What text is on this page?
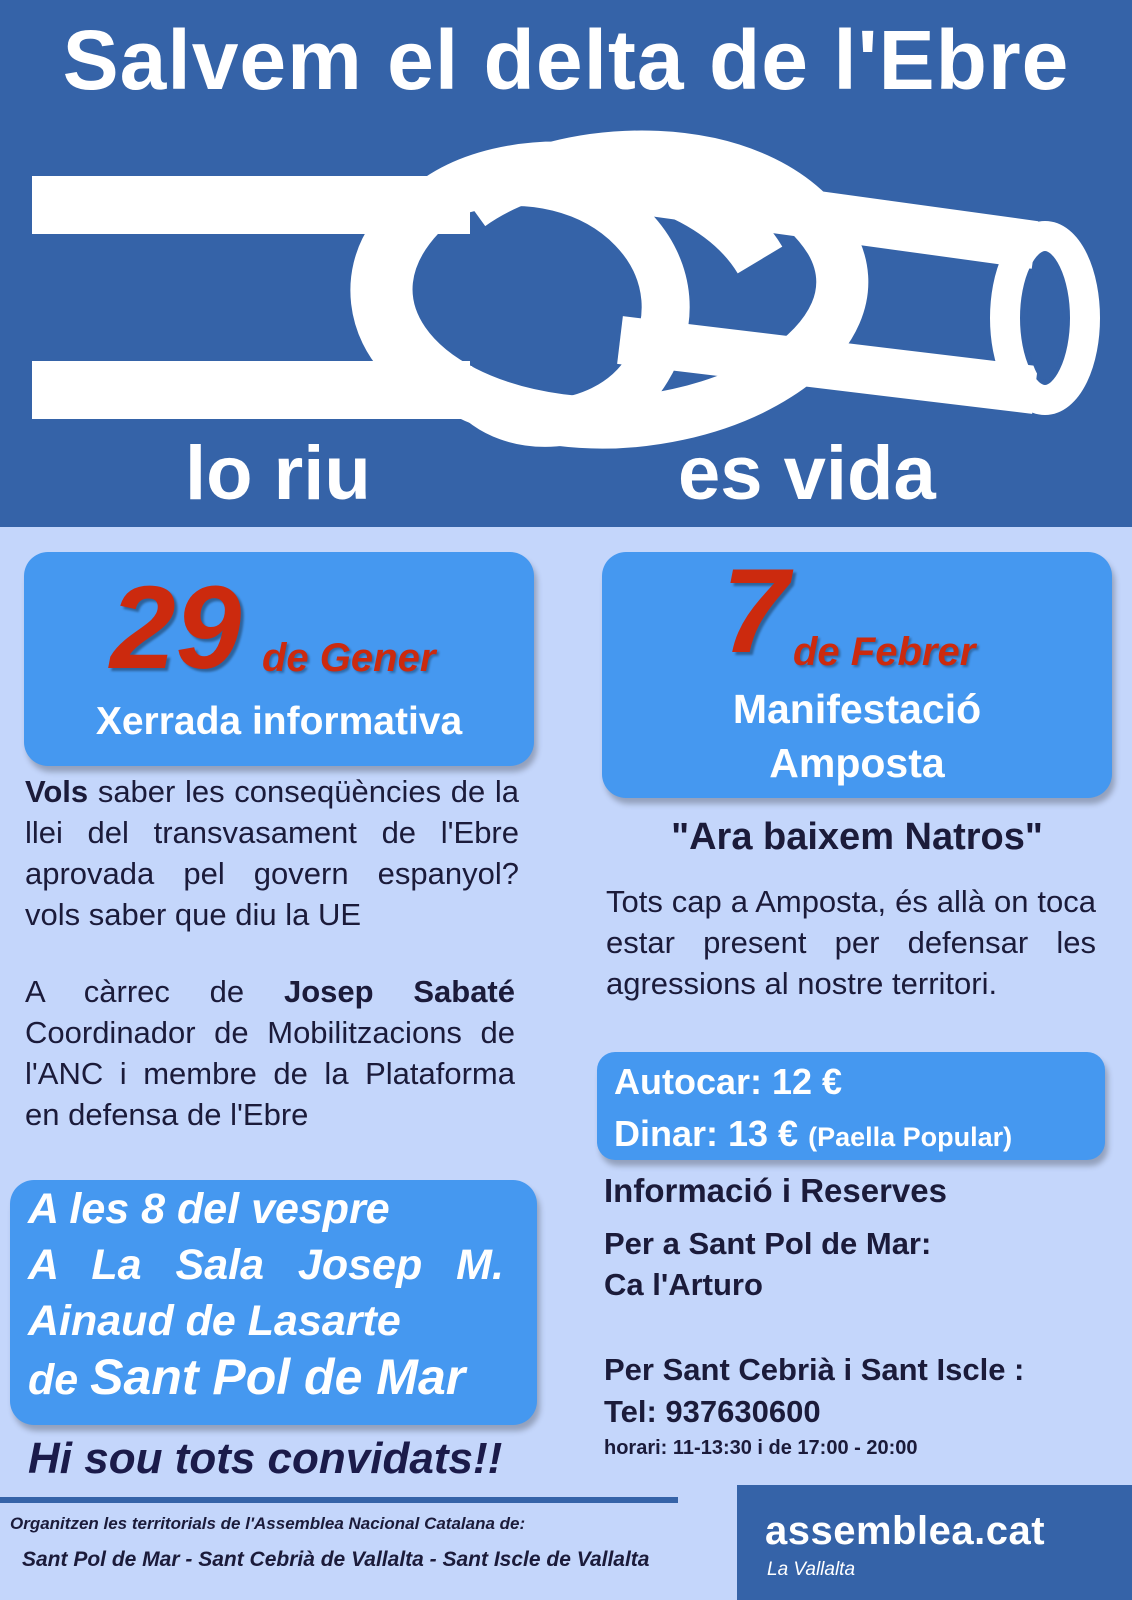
Salvem el delta de l'Ebre
lo riu	es vida
29 de Gener
Xerrada informativa
Vols saber les conseqüències de la llei del transvasament de l'Ebre aprovada pel govern espanyol? vols saber que diu la UE
A càrrec de Josep Sabaté Coordinador de Mobilitzacions de l'ANC i membre de la Plataforma en defensa de l'Ebre
A les 8 del vespre
A La Sala Josep M.
Ainaud de Lasarte
de Sant Pol de Mar
Hi sou tots convidats!!
7 de Febrer
Manifestació
Amposta
"Ara baixem Natros"
Tots cap a Amposta, és allà on toca estar present per defensar les agressions al nostre territori.
Autocar: 12 €
Dinar: 13 € (Paella Popular)
Informació i Reserves
Per a Sant Pol de Mar:
Ca l'Arturo
Per Sant Cebrià i Sant Iscle :
Tel: 937630600
horari: 11-13:30 i de 17:00 - 20:00
Organitzen les territorials de l'Assemblea Nacional Catalana de:
Sant Pol de Mar - Sant Cebrià de Vallalta - Sant Iscle de Vallalta
assemblea.cat
La Vallalta
